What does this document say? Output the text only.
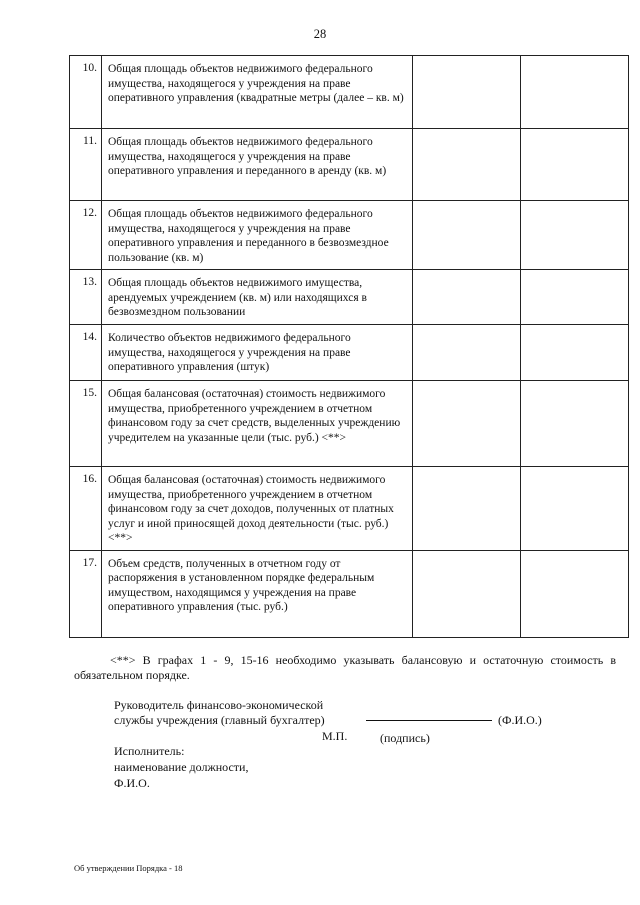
28
10.	Общая площадь объектов недвижимого федерального имущества, находящегося у учреждения на праве оперативного управления (квадратные метры (далее – кв. м)		
11.	Общая площадь объектов недвижимого федерального имущества, находящегося у учреждения на праве оперативного управления и переданного в аренду (кв. м)		
12.	Общая площадь объектов недвижимого федерального имущества, находящегося у учреждения на праве оперативного управления и переданного в безвозмездное пользование (кв. м)		
13.	Общая площадь объектов недвижимого имущества, арендуемых учреждением (кв. м) или находящихся в безвозмездном пользовании		
14.	Количество объектов недвижимого федерального имущества, находящегося у учреждения на праве оперативного управления (штук)		
15.	Общая балансовая (остаточная) стоимость недвижимого имущества, приобретенного учреждением в отчетном финансовом году за счет средств, выделенных учреждению учредителем на указанные цели (тыс. руб.) <**>		
16.	Общая балансовая (остаточная) стоимость недвижимого имущества, приобретенного учреждением в отчетном финансовом году за счет доходов, полученных от платных услуг и иной приносящей доход деятельности (тыс. руб.) <**>		
17.	Объем средств, полученных в отчетном году от распоряжения в установленном порядке федеральным имуществом, находящимся у учреждения на праве оперативного управления (тыс. руб.)		
<**> В графах 1 - 9, 15-16 необходимо указывать балансовую и остаточную стоимость в обязательном порядке.
Руководитель финансово-экономической
службы учреждения (главный бухгалтер)	(Ф.И.О.)
М.П.	(подпись)
Исполнитель:
наименование должности,
Ф.И.О.
Об утверждении Порядка - 18
